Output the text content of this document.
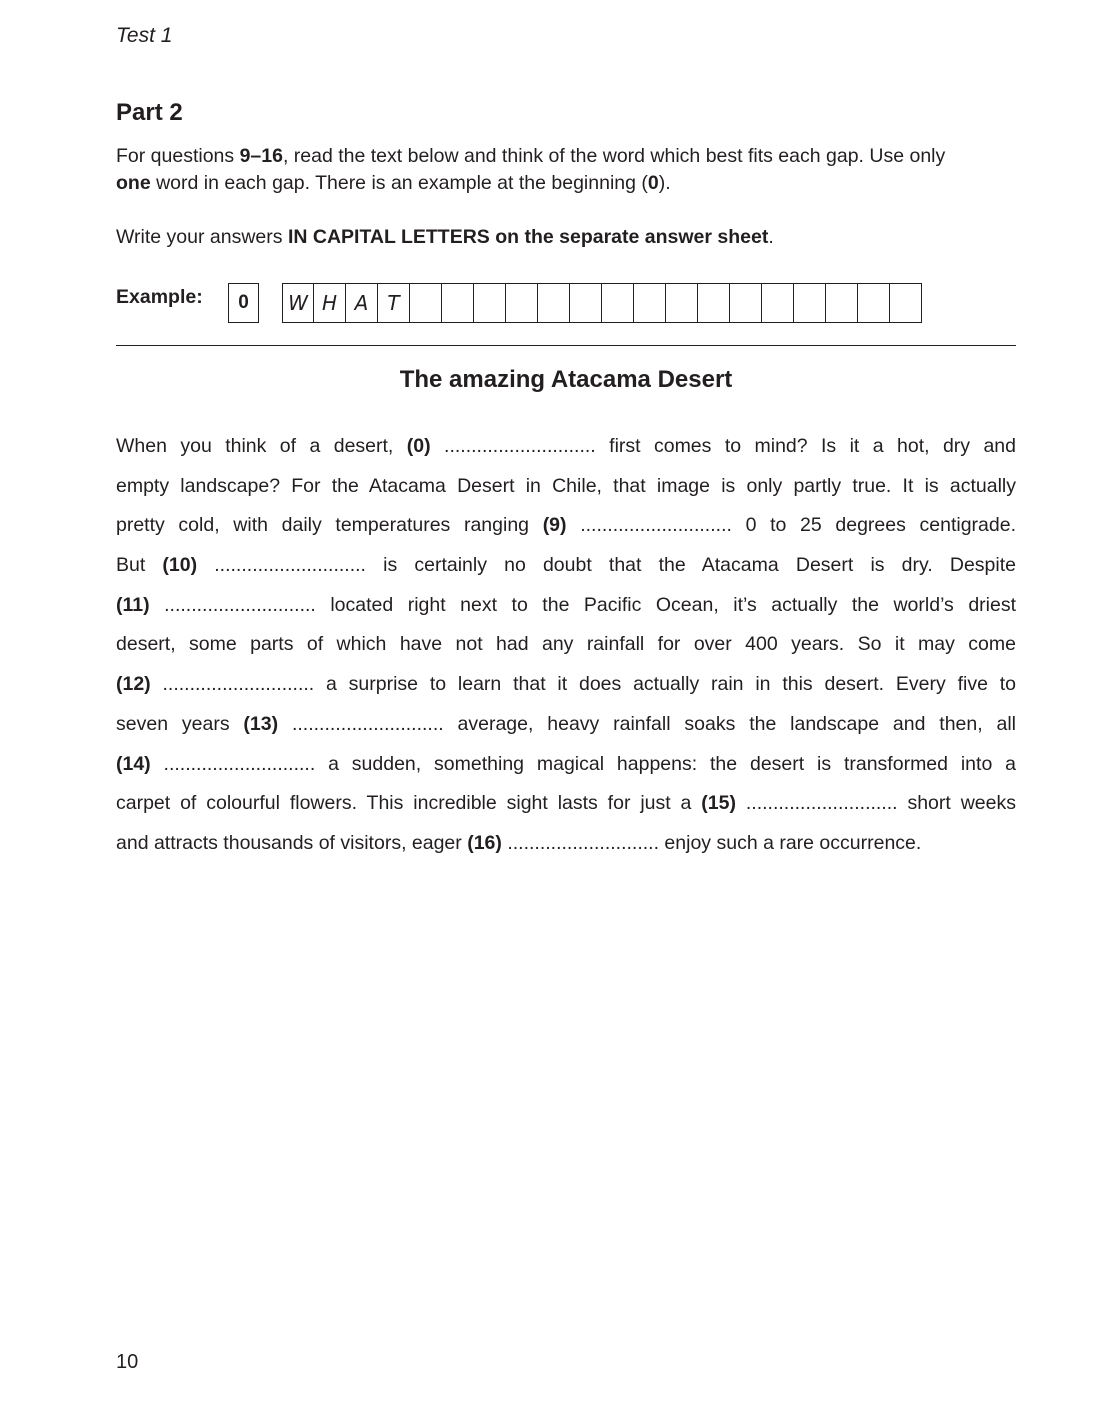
Test 1
Part 2

For questions 9–16, read the text below and think of the word which best fits each gap. Use only
one word in each gap. There is an example at the beginning (0).

Write your answers IN CAPITAL LETTERS on the separate answer sheet.

Example:	0	W H A T
The amazing Atacama Desert
When you think of a desert, (0) ............................ first comes to mind? Is it a hot, dry and
empty landscape? For the Atacama Desert in Chile, that image is only partly true. It is actually
pretty cold, with daily temperatures ranging (9) ............................ 0 to 25 degrees centigrade.
But (10) ............................ is certainly no doubt that the Atacama Desert is dry. Despite
(11) ............................ located right next to the Pacific Ocean, it’s actually the world’s driest
desert, some parts of which have not had any rainfall for over 400 years. So it may come
(12) ............................ a surprise to learn that it does actually rain in this desert. Every five to
seven years (13) ............................ average, heavy rainfall soaks the landscape and then, all
(14) ............................ a sudden, something magical happens: the desert is transformed into a
carpet of colourful flowers. This incredible sight lasts for just a (15) ............................ short weeks
and attracts thousands of visitors, eager (16) ............................ enjoy such a rare occurrence.
10
